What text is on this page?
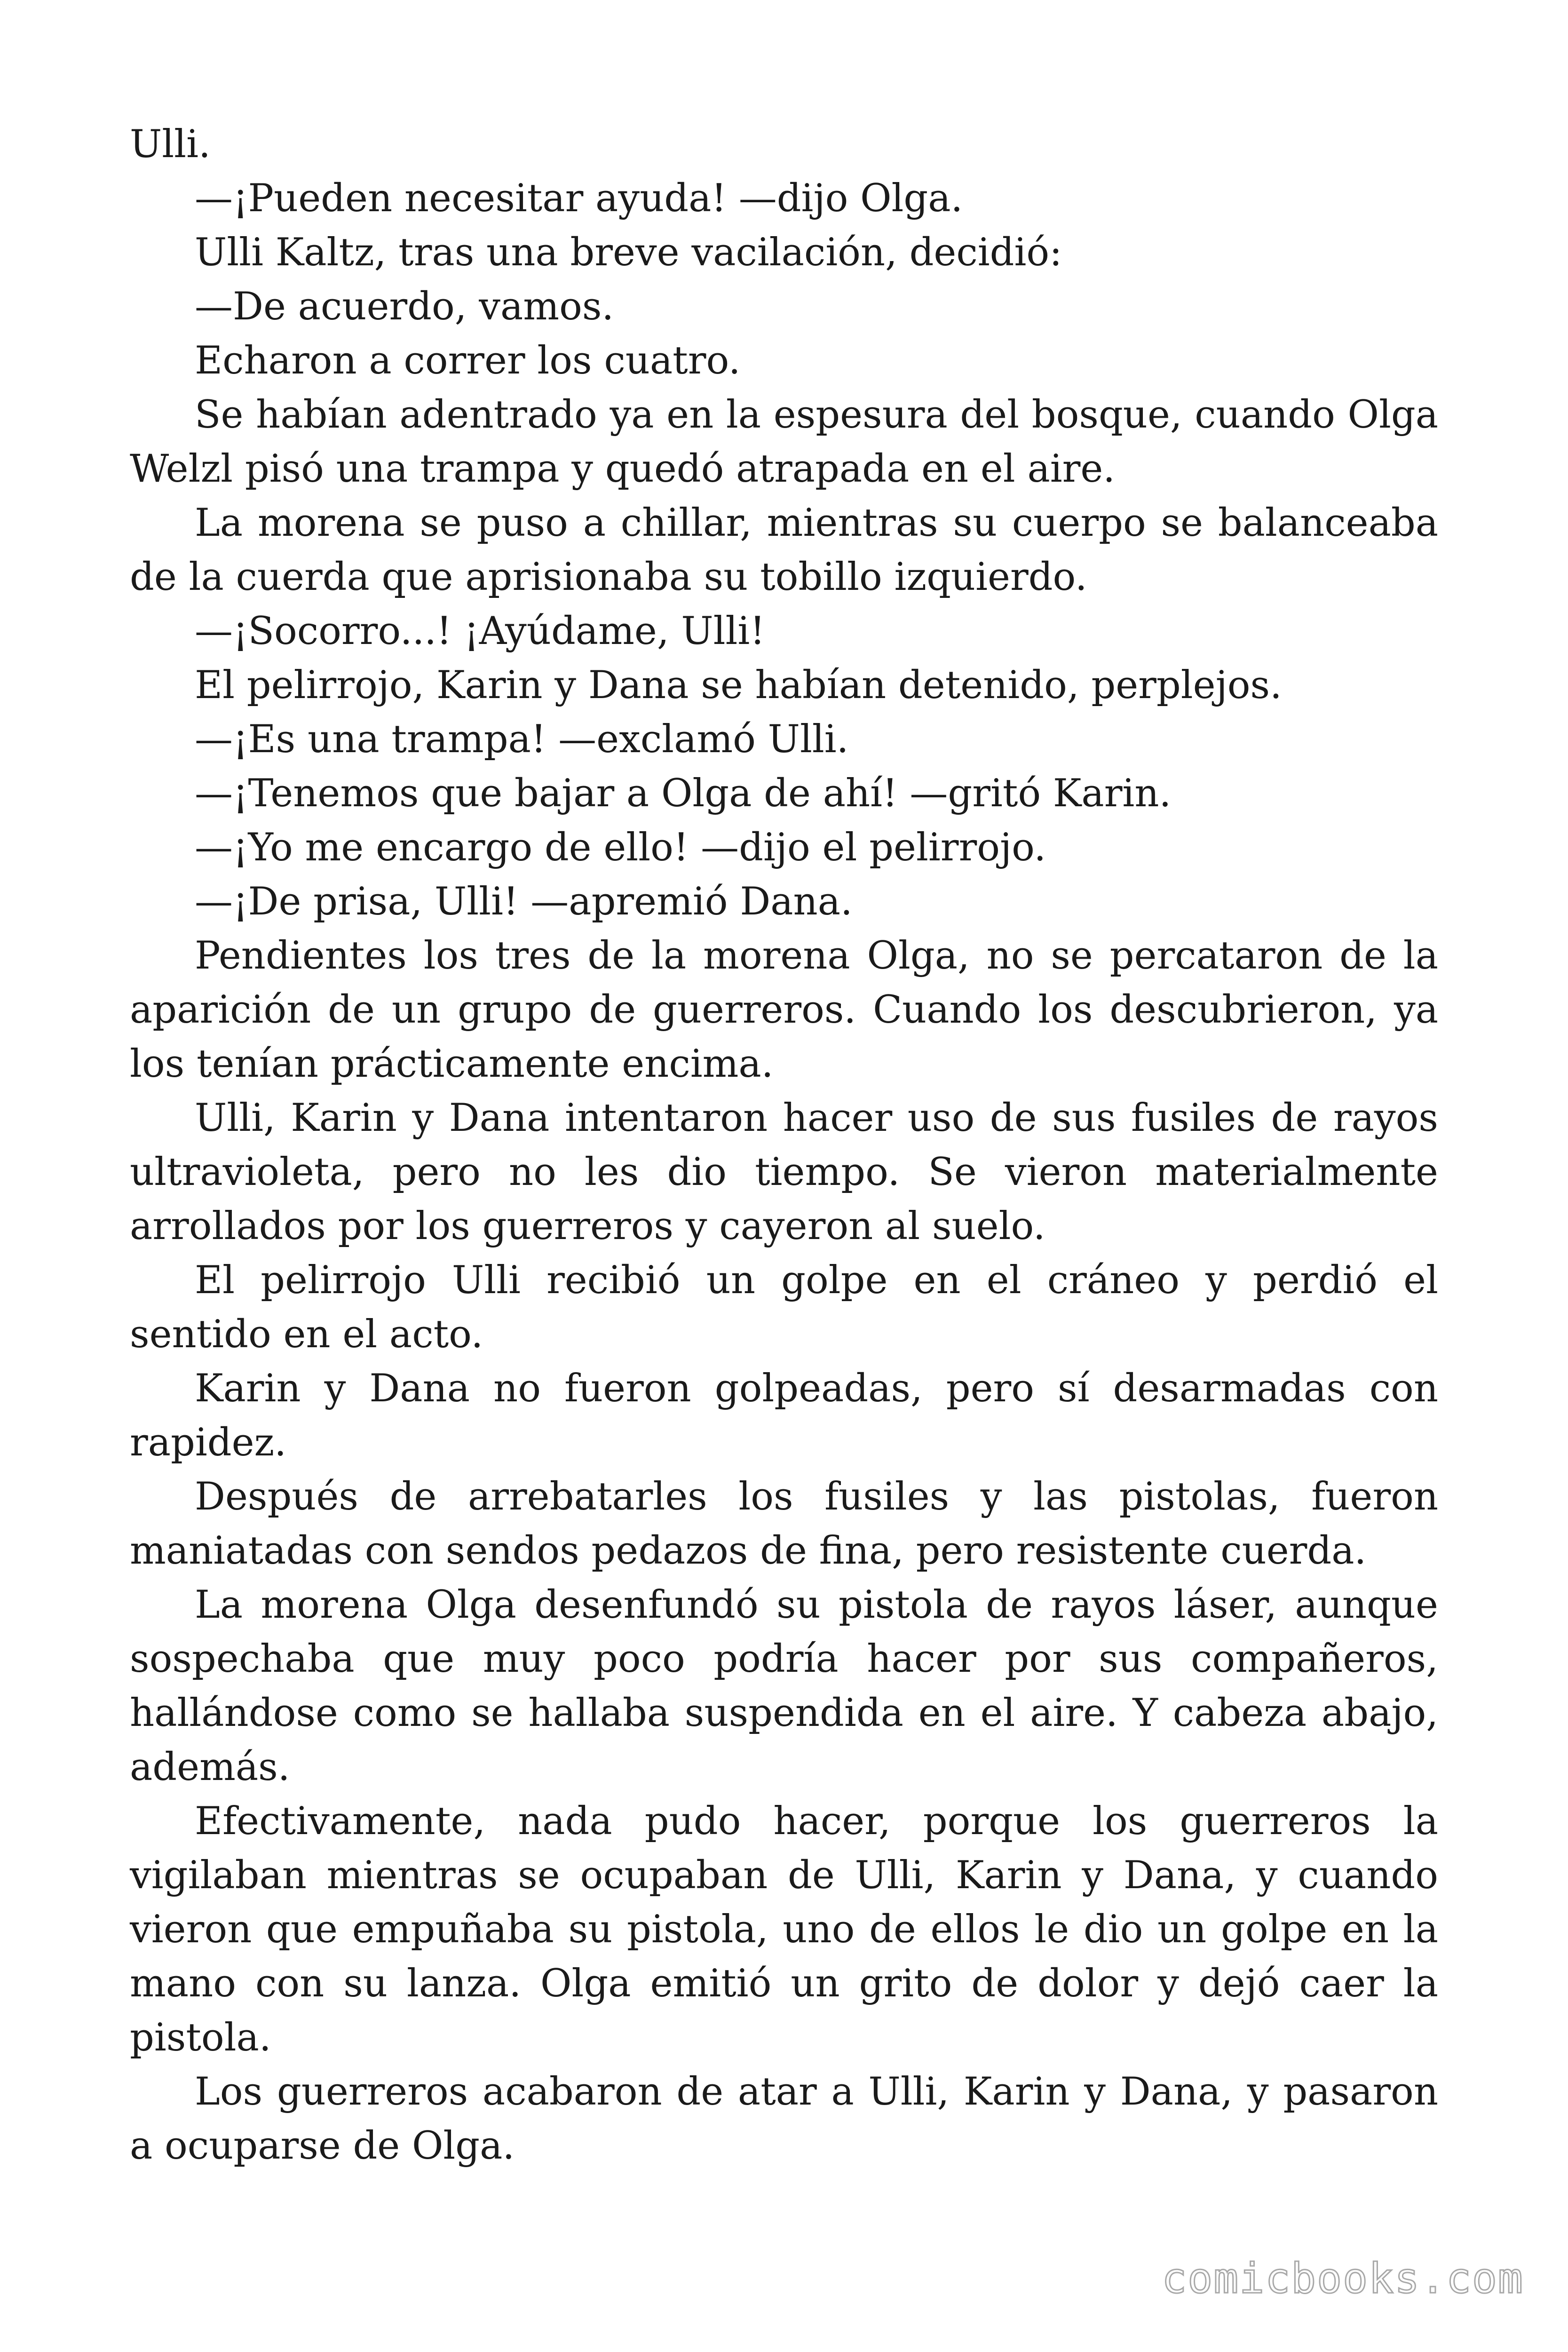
Ulli.

—¡Pueden necesitar ayuda! —dijo Olga.

Ulli Kaltz, tras una breve vacilación, decidió:

—De acuerdo, vamos.

Echaron a correr los cuatro.

Se habían adentrado ya en la espesura del bosque, cuando Olga Welzl pisó una trampa y quedó atrapada en el aire.

La morena se puso a chillar, mientras su cuerpo se balanceaba de la cuerda que aprisionaba su tobillo izquierdo.

—¡Socorro...! ¡Ayúdame, Ulli!

El pelirrojo, Karin y Dana se habían detenido, perplejos.

—¡Es una trampa! —exclamó Ulli.

—¡Tenemos que bajar a Olga de ahí! —gritó Karin.

—¡Yo me encargo de ello! —dijo el pelirrojo.

—¡De prisa, Ulli! —apremió Dana.

Pendientes los tres de la morena Olga, no se percataron de la aparición de un grupo de guerreros. Cuando los descubrieron, ya los tenían prácticamente encima.

Ulli, Karin y Dana intentaron hacer uso de sus fusiles de rayos ultravioleta, pero no les dio tiempo. Se vieron materialmente arrollados por los guerreros y cayeron al suelo.

El pelirrojo Ulli recibió un golpe en el cráneo y perdió el sentido en el acto.

Karin y Dana no fueron golpeadas, pero sí desarmadas con rapidez.

Después de arrebatarles los fusiles y las pistolas, fueron maniatadas con sendos pedazos de fina, pero resistente cuerda.

La morena Olga desenfundó su pistola de rayos láser, aunque sospechaba que muy poco podría hacer por sus compañeros, hallándose como se hallaba suspendida en el aire. Y cabeza abajo, además.

Efectivamente, nada pudo hacer, porque los guerreros la vigilaban mientras se ocupaban de Ulli, Karin y Dana, y cuando vieron que empuñaba su pistola, uno de ellos le dio un golpe en la mano con su lanza. Olga emitió un grito de dolor y dejó caer la pistola.

Los guerreros acabaron de atar a Ulli, Karin y Dana, y pasaron a ocuparse de Olga.

comicbooks.com
